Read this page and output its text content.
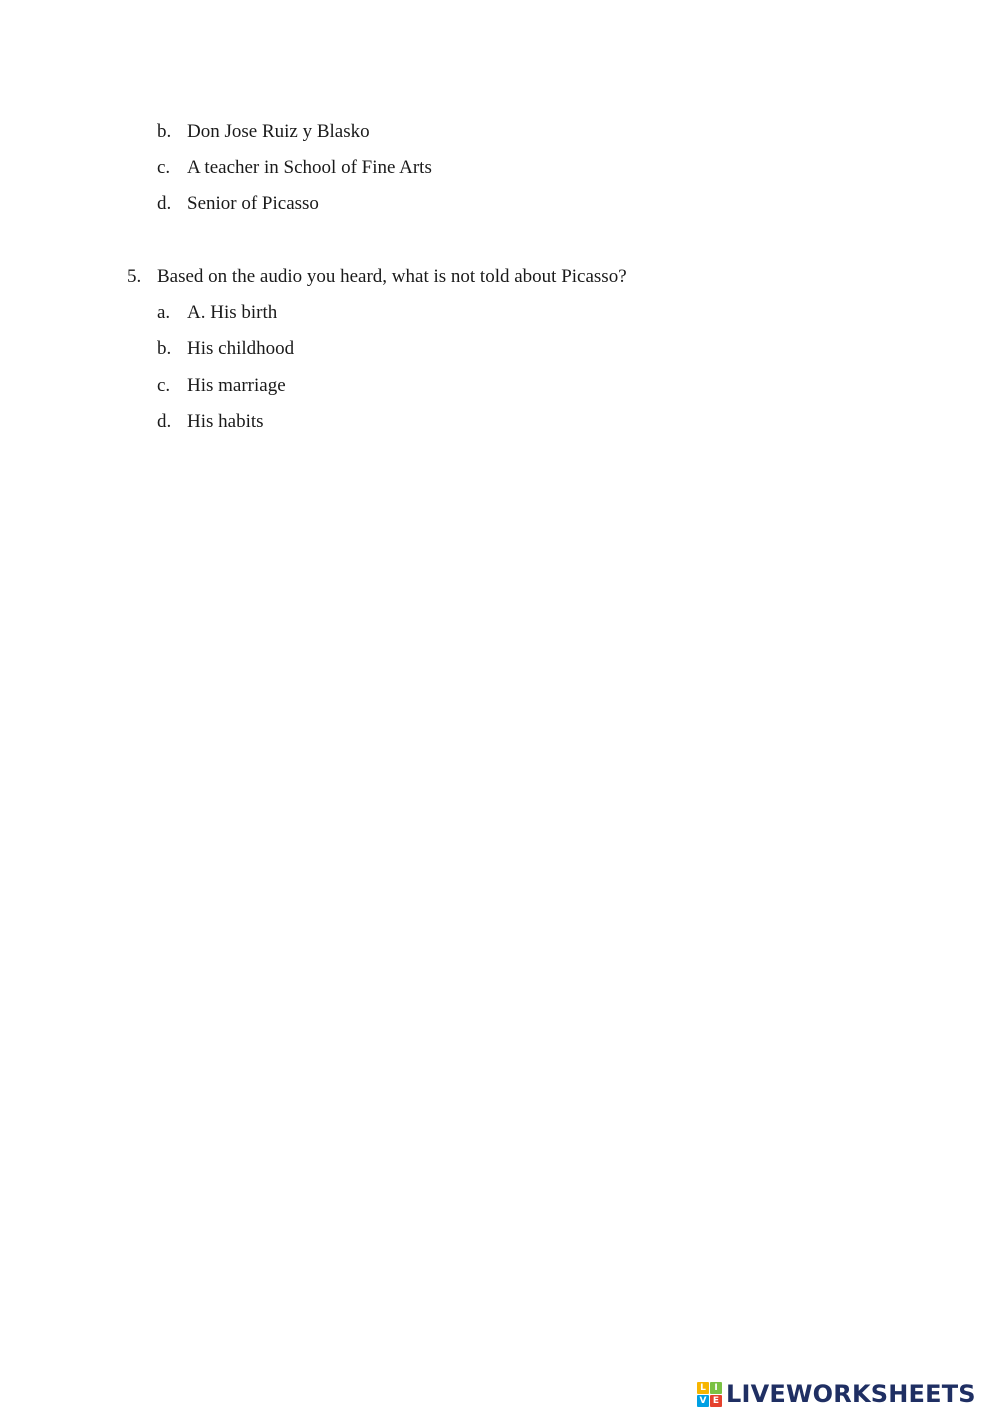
b. Don Jose Ruiz y Blasko
c. A teacher in School of Fine Arts
d. Senior of Picasso
5. Based on the audio you heard, what is not told about Picasso?
a. A. His birth
b. His childhood
c. His marriage
d. His habits
L I
V E LIVEWORKSHEETS
